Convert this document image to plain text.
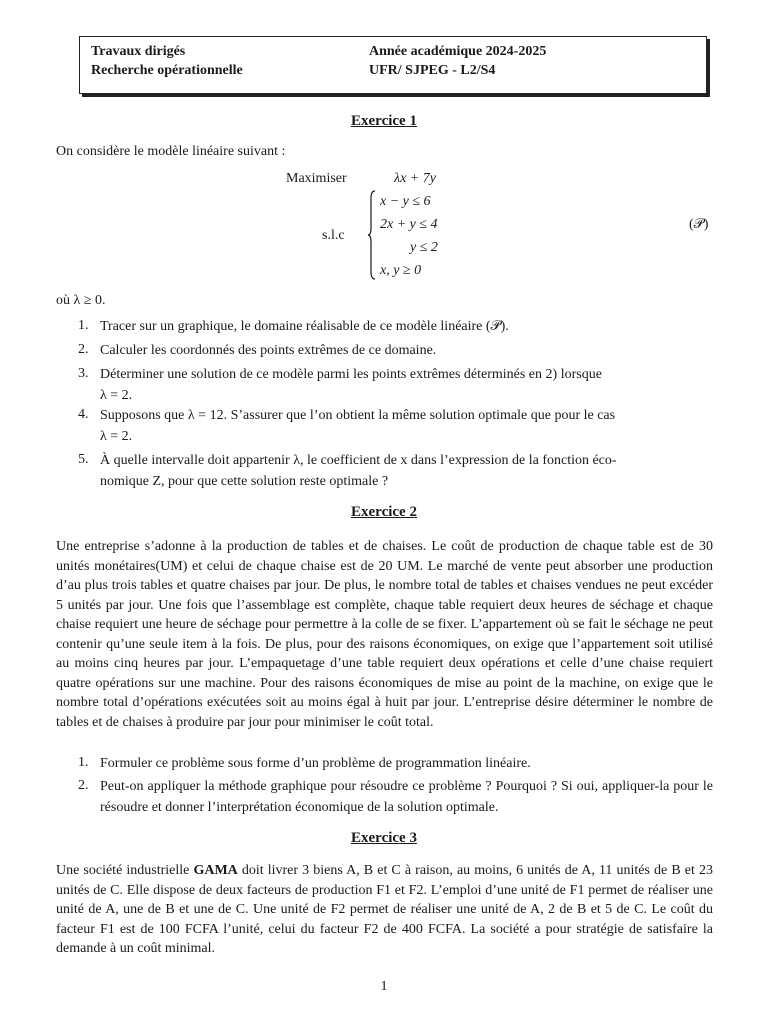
Travaux dirigés
Recherche opérationnelle
Année académique 2024-2025
UFR/ SJPEG - L2/S4
Exercice 1
On considère le modèle linéaire suivant :
Maximiser	λx + 7y
s.l.c
x − y ≤ 6
2x + y ≤ 4
y ≤ 2
x, y ≥ 0
(𝒫)
où λ ≥ 0.
1. Tracer sur un graphique, le domaine réalisable de ce modèle linéaire (𝒫).
2. Calculer les coordonnés des points extrêmes de ce domaine.
3. Déterminer une solution de ce modèle parmi les points extrêmes déterminés en 2) lorsque
λ = 2.
4. Supposons que λ = 12. S’assurer que l’on obtient la même solution optimale que pour le cas
λ = 2.
5. À quelle intervalle doit appartenir λ, le coefficient de x dans l’expression de la fonction éco-
nomique Z, pour que cette solution reste optimale ?
Exercice 2
Une entreprise s’adonne à la production de tables et de chaises. Le coût de production de chaque table est de 30 unités monétaires(UM) et celui de chaque chaise est de 20 UM. Le marché de vente peut absorber une production d’au plus trois tables et quatre chaises par jour. De plus, le nombre total de tables et chaises vendues ne peut excéder 5 unités par jour. Une fois que l’assemblage est complète, chaque table requiert deux heures de séchage et chaque chaise requiert une heure de séchage pour permettre à la colle de se fixer. L’appartement où se fait le séchage ne peut contenir qu’une seule item à la fois. De plus, pour des raisons économiques, on exige que l’appartement soit utilisé au moins cinq heures par jour. L’empaquetage d’une table requiert deux opérations et celle d’une chaise requiert quatre opérations sur une machine. Pour des raisons économiques de mise au point de la machine, on exige que le nombre total d’opérations exécutées soit au moins égal à huit par jour. L’entreprise désire déterminer le nombre de tables et de chaises à produire par jour pour minimiser le coût total.
1. Formuler ce problème sous forme d’un problème de programmation linéaire.
2. Peut-on appliquer la méthode graphique pour résoudre ce problème ? Pourquoi ? Si oui, appliquer-la pour le résoudre et donner l’interprétation économique de la solution optimale.
Exercice 3
Une société industrielle GAMA doit livrer 3 biens A, B et C à raison, au moins, 6 unités de A, 11 unités de B et 23 unités de C. Elle dispose de deux facteurs de production F1 et F2. L’emploi d’une unité de F1 permet de réaliser une unité de A, une de B et une de C. Une unité de F2 permet de réaliser une unité de A, 2 de B et 5 de C. Le coût du facteur F1 est de 100 FCFA l’unité, celui du facteur F2 de 400 FCFA. La société a pour stratégie de satisfaire la demande à un coût minimal.
1
